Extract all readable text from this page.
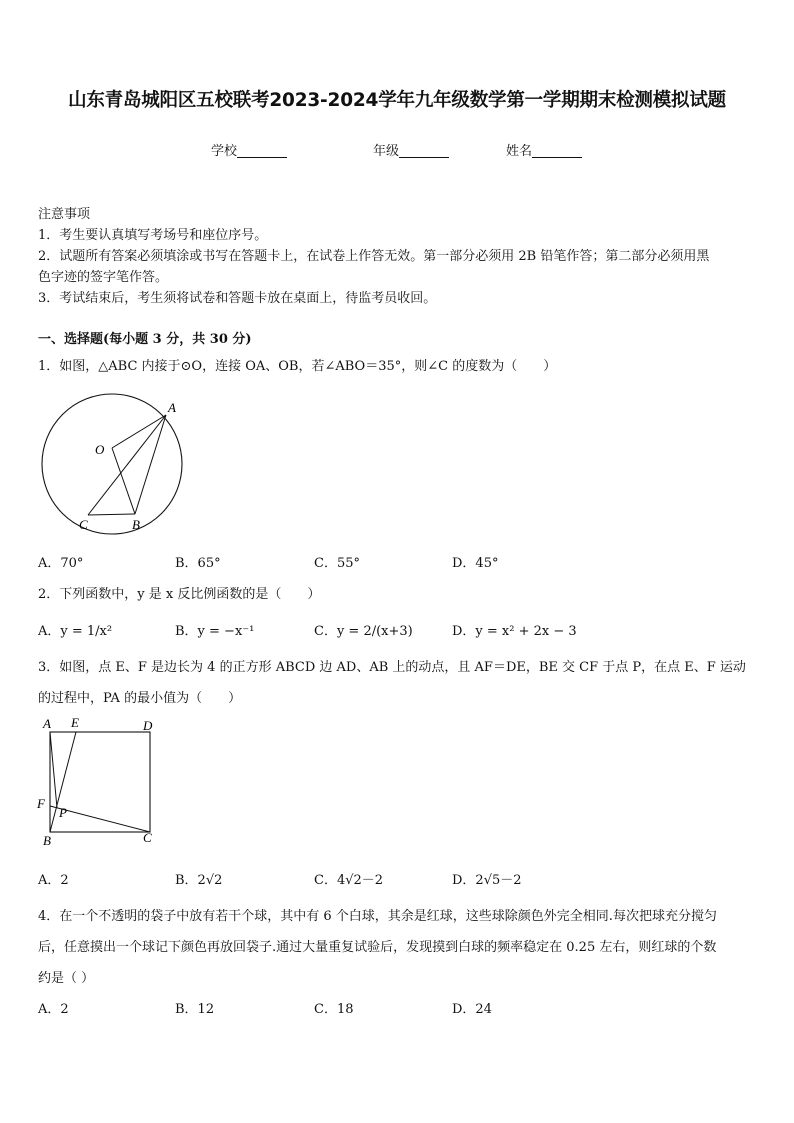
山东青岛城阳区五校联考2023-2024学年九年级数学第一学期期末检测模拟试题
学校	年级	姓名
注意事项
1．考生要认真填写考场号和座位序号。
2．试题所有答案必须填涂或书写在答题卡上，在试卷上作答无效。第一部分必须用 2B 铅笔作答；第二部分必须用黑
色字迹的签字笔作答。
3．考试结束后，考生须将试卷和答题卡放在桌面上，待监考员收回。
一、选择题(每小题 3 分，共 30 分)
1．如图，△ABC 内接于⊙O，连接 OA、OB，若∠ABO＝35°，则∠C 的度数为（　　）
A
O
C	B
A．70°	B．65°	C．55°	D．45°
2．下列函数中，y 是 x 反比例函数的是（　　）
A．y = 1/x²	B．y = −x⁻¹	C．y = 2/(x+3)	D．y = x² + 2x − 3
3．如图，点 E、F 是边长为 4 的正方形 ABCD 边 AD、AB 上的动点，且 AF＝DE，BE 交 CF 于点 P，在点 E、F 运动
的过程中，PA 的最小值为（　　）
A E	D
F
P
B	C
A．2	B．2√2	C．4√2－2	D．2√5－2
4．在一个不透明的袋子中放有若干个球，其中有 6 个白球，其余是红球，这些球除颜色外完全相同.每次把球充分搅匀
后，任意摸出一个球记下颜色再放回袋子.通过大量重复试验后，发现摸到白球的频率稳定在 0.25 左右，则红球的个数
约是（ ）
A．2	B．12	C．18	D．24
